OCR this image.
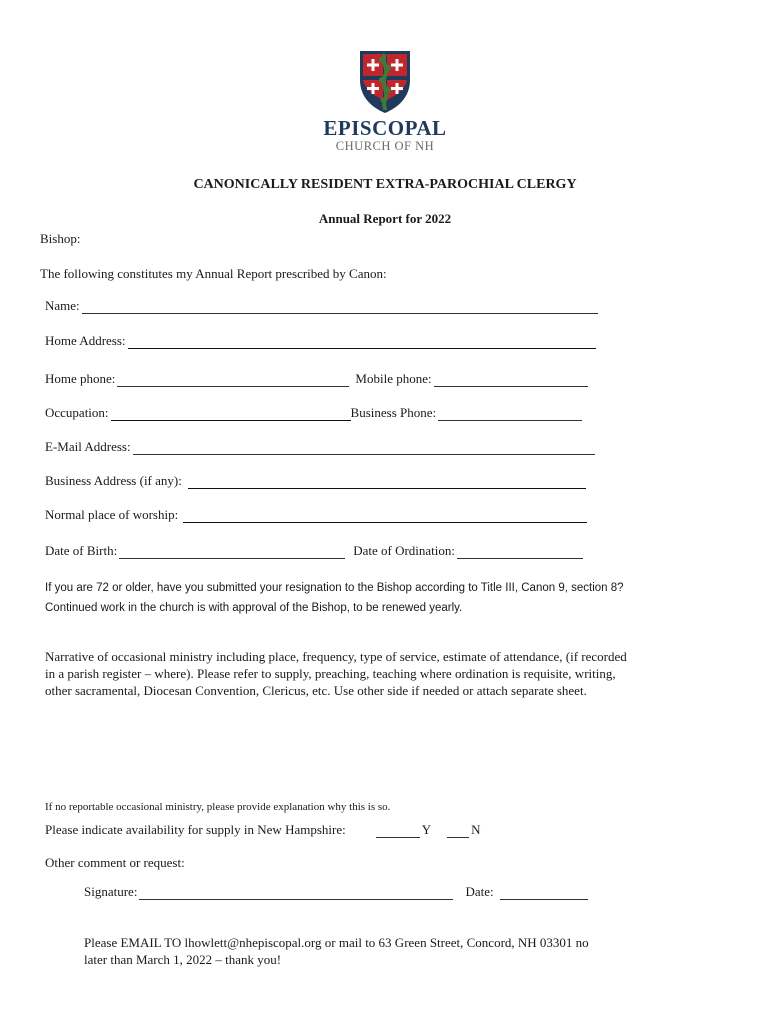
EPISCOPAL
CHURCH OF NH
CANONICALLY RESIDENT EXTRA-PAROCHIAL CLERGY
Annual Report for 2022
Bishop:
The following constitutes my Annual Report prescribed by Canon:
Name:
Home Address:
Home phone:	Mobile phone:
Occupation:	Business Phone:
E-Mail Address:
Business Address (if any):
Normal place of worship:
Date of Birth:	Date of Ordination:
If you are 72 or older, have you submitted your resignation to the Bishop according to Title III, Canon 9, section 8?
Continued work in the church is with approval of the Bishop, to be renewed yearly.
Narrative of occasional ministry including place, frequency, type of service, estimate of attendance, (if recorded
in a parish register – where). Please refer to supply, preaching, teaching where ordination is requisite, writing,
other sacramental, Diocesan Convention, Clericus, etc. Use other side if needed or attach separate sheet.
If no reportable occasional ministry, please provide explanation why this is so.
Please indicate availability for supply in New Hampshire:	Y	N
Other comment or request:
Signature:	Date:
Please EMAIL TO lhowlett@nhepiscopal.org or mail to 63 Green Street, Concord, NH 03301 no
later than March 1, 2022 – thank you!
